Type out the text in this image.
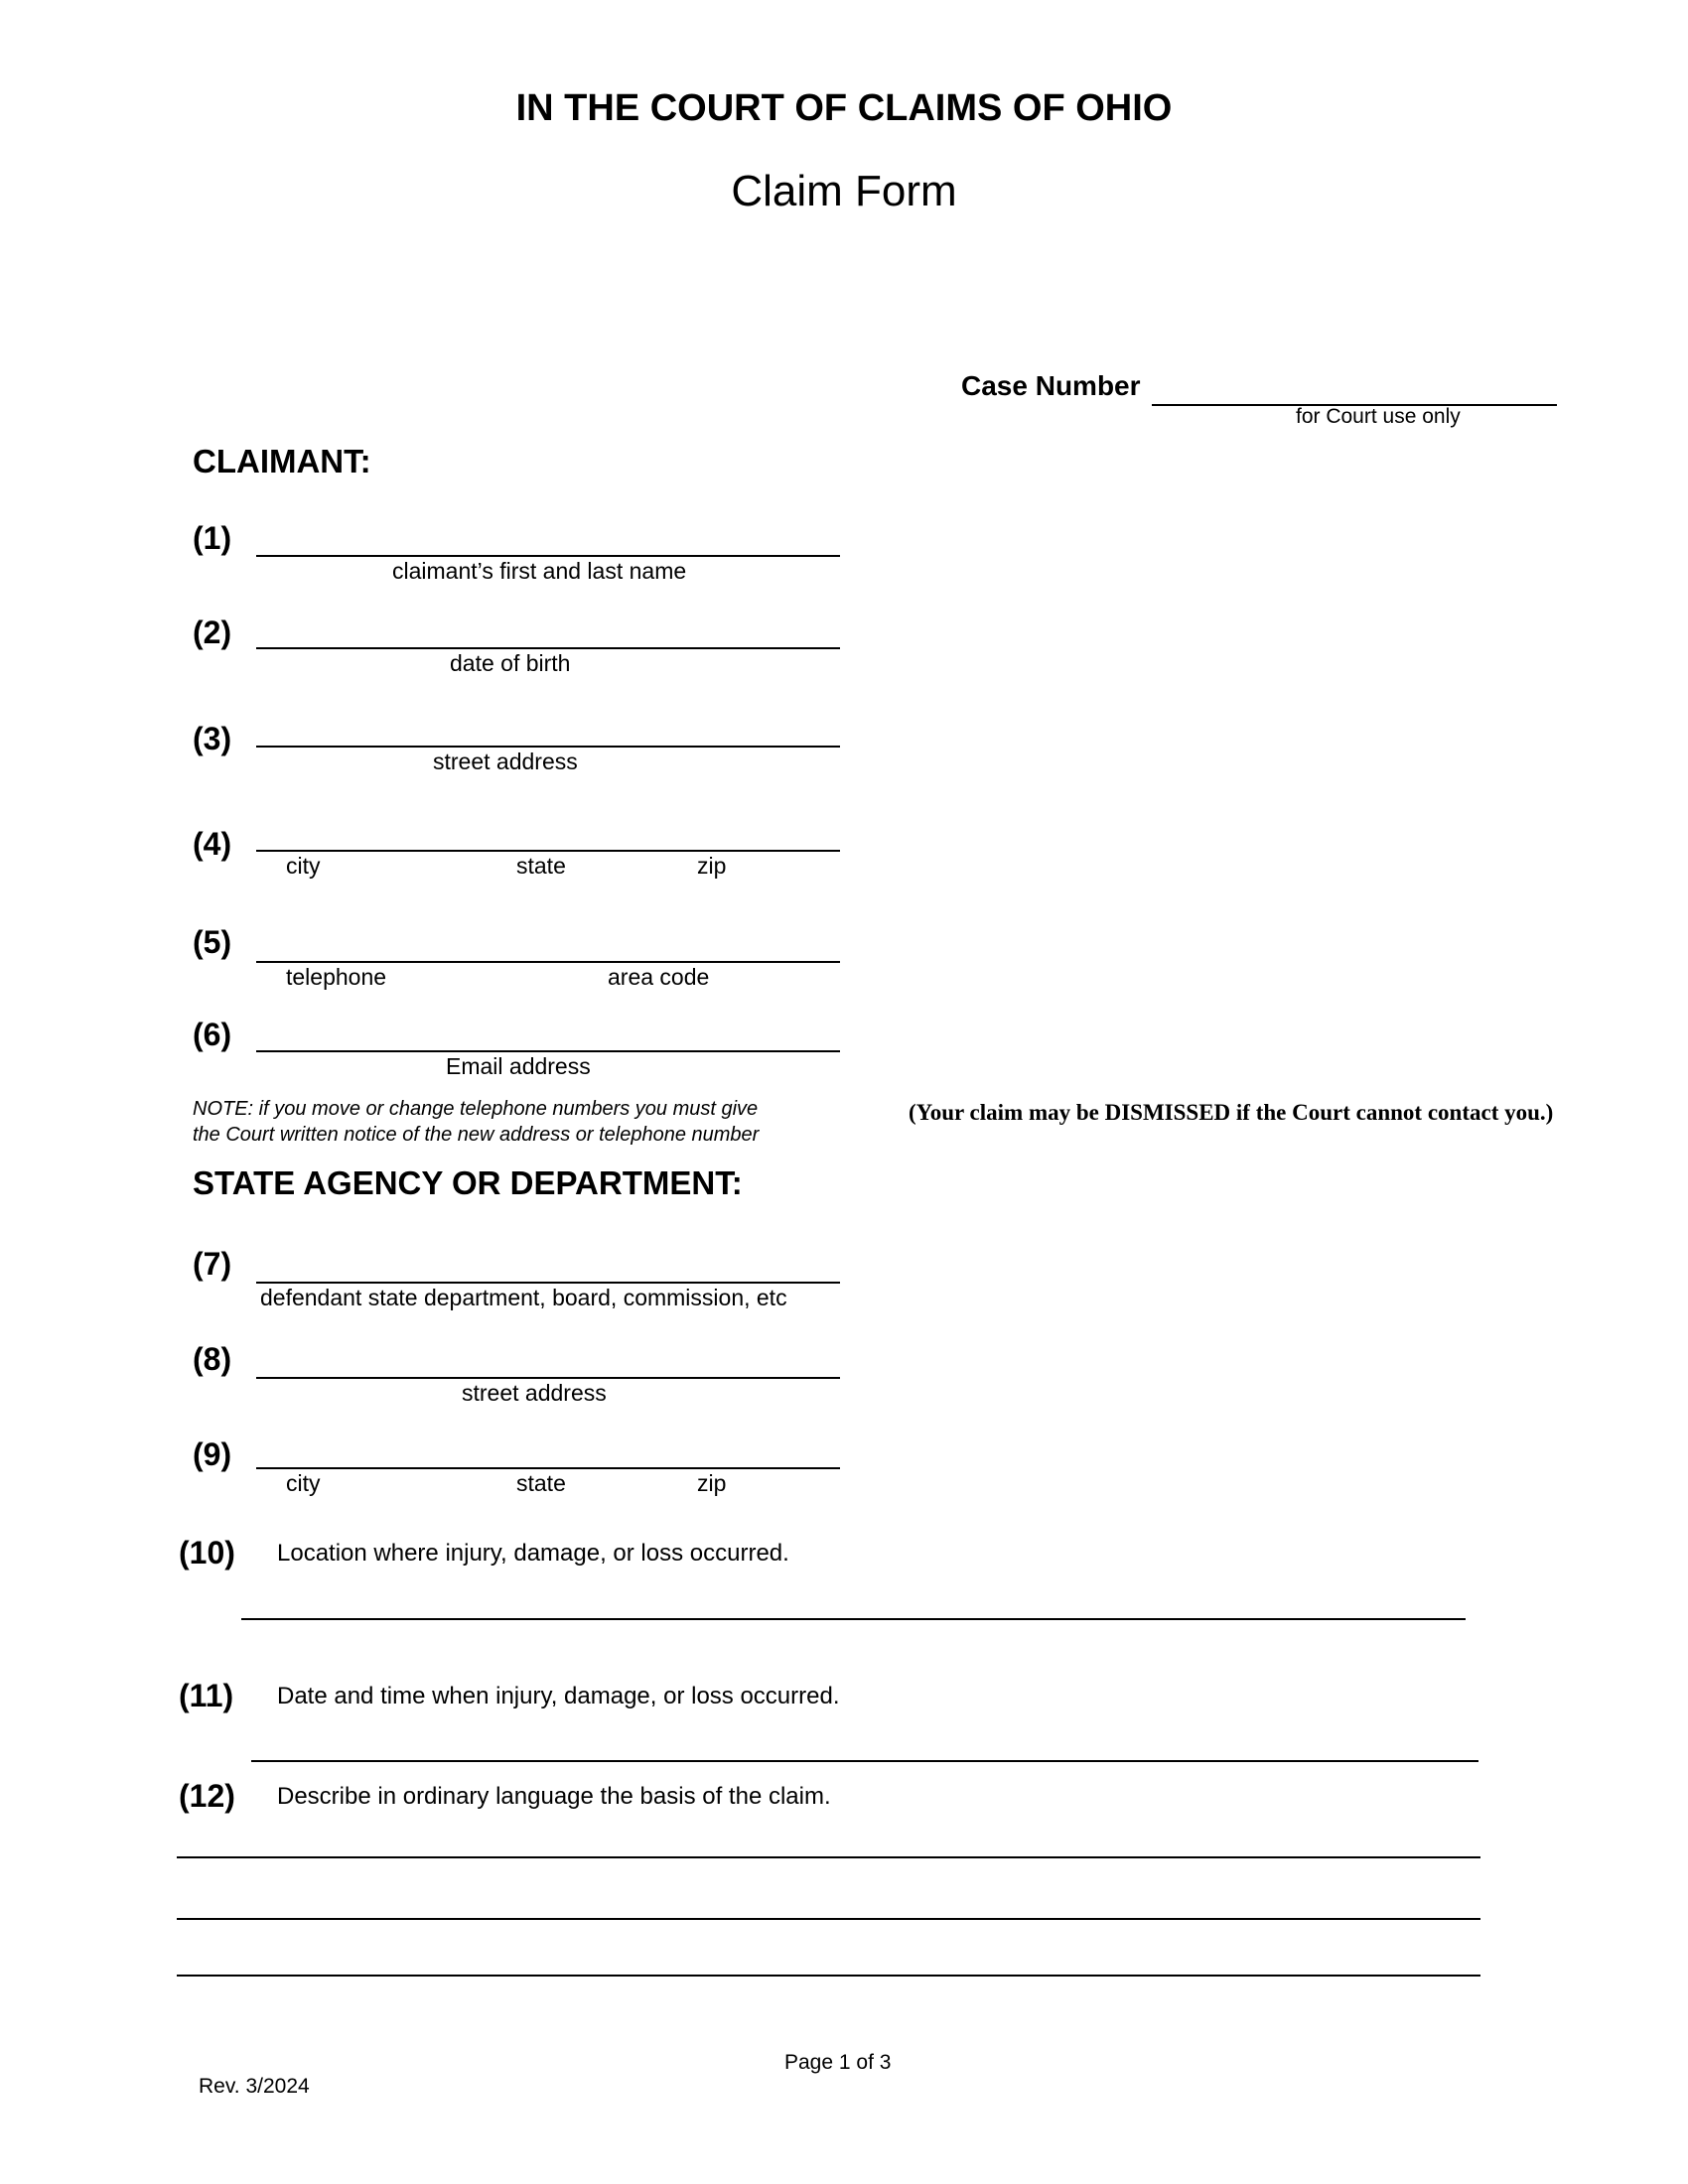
IN THE COURT OF CLAIMS OF OHIO
Claim Form
Case Number
for Court use only
CLAIMANT:
(1)
claimant’s first and last name
(2)
date of birth
(3)
street address
(4)
city	state	zip
(5)
telephone	area code
(6)
Email address
NOTE: if you move or change telephone numbers you must give
the Court written notice of the new address or telephone number
(Your claim may be DISMISSED if the Court cannot contact you.)
STATE AGENCY OR DEPARTMENT:
(7)
defendant state department, board, commission, etc
(8)
street address
(9)
city	state	zip
(10) Location where injury, damage, or loss occurred.
(11) Date and time when injury, damage, or loss occurred.
(12) Describe in ordinary language the basis of the claim.
Page 1 of 3
Rev. 3/2024
